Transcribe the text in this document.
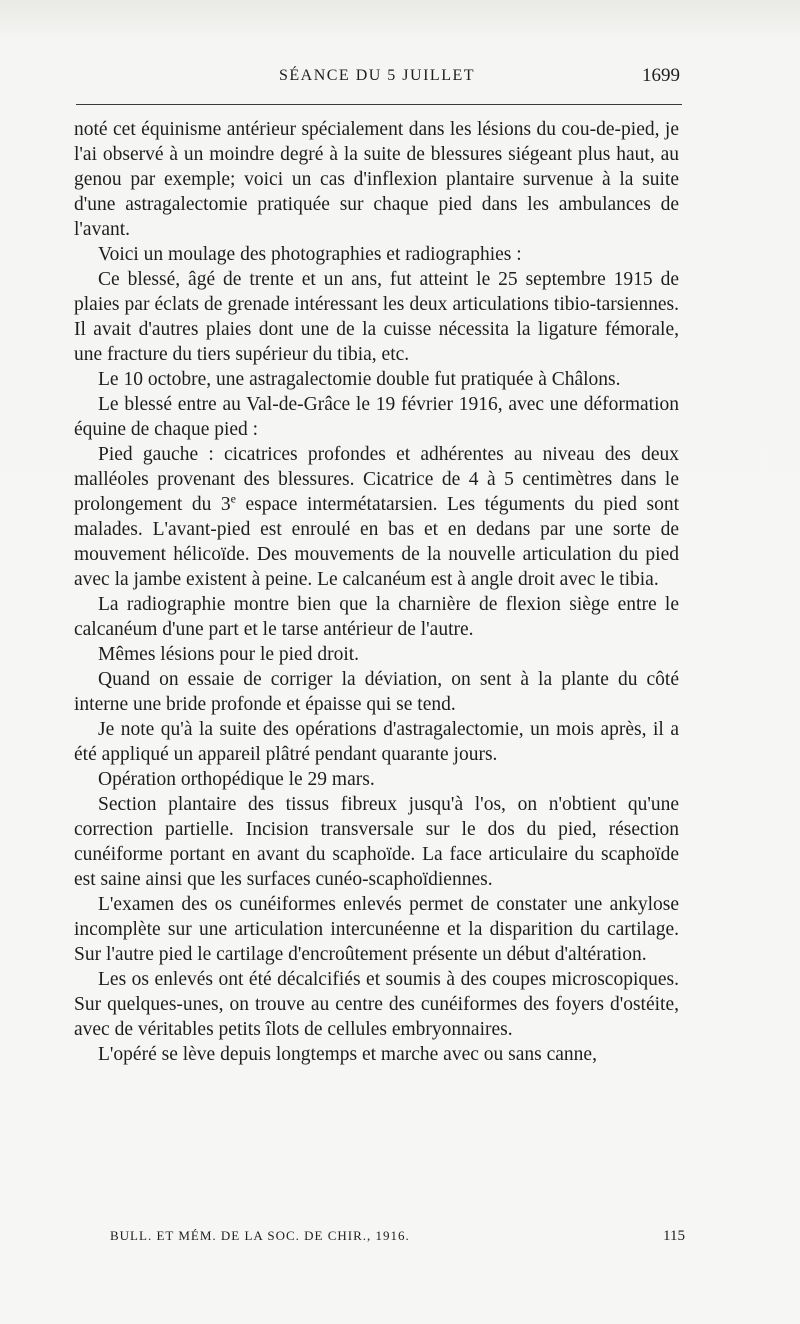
SÉANCE DU 5 JUILLET	1699

noté cet équinisme antérieur spécialement dans les lésions du cou-de-pied, je l'ai observé à un moindre degré à la suite de blessures siégeant plus haut, au genou par exemple; voici un cas d'inflexion plantaire survenue à la suite d'une astragalectomie pratiquée sur chaque pied dans les ambulances de l'avant.

Voici un moulage des photographies et radiographies :

Ce blessé, âgé de trente et un ans, fut atteint le 25 septembre 1915 de plaies par éclats de grenade intéressant les deux articulations tibio-tarsiennes. Il avait d'autres plaies dont une de la cuisse nécessita la ligature fémorale, une fracture du tiers supérieur du tibia, etc.

Le 10 octobre, une astragalectomie double fut pratiquée à Châlons.

Le blessé entre au Val-de-Grâce le 19 février 1916, avec une déformation équine de chaque pied :

Pied gauche : cicatrices profondes et adhérentes au niveau des deux malléoles provenant des blessures. Cicatrice de 4 à 5 centimètres dans le prolongement du 3e espace intermétatarsien. Les téguments du pied sont malades. L'avant-pied est enroulé en bas et en dedans par une sorte de mouvement hélicoïde. Des mouvements de la nouvelle articulation du pied avec la jambe existent à peine. Le calcanéum est à angle droit avec le tibia.

La radiographie montre bien que la charnière de flexion siège entre le calcanéum d'une part et le tarse antérieur de l'autre.

Mêmes lésions pour le pied droit.

Quand on essaie de corriger la déviation, on sent à la plante du côté interne une bride profonde et épaisse qui se tend.

Je note qu'à la suite des opérations d'astragalectomie, un mois après, il a été appliqué un appareil plâtré pendant quarante jours.

Opération orthopédique le 29 mars.

Section plantaire des tissus fibreux jusqu'à l'os, on n'obtient qu'une correction partielle. Incision transversale sur le dos du pied, résection cunéiforme portant en avant du scaphoïde. La face articulaire du scaphoïde est saine ainsi que les surfaces cunéo-scaphoïdiennes.

L'examen des os cunéiformes enlevés permet de constater une ankylose incomplète sur une articulation intercunéenne et la disparition du cartilage. Sur l'autre pied le cartilage d'encroûtement présente un début d'altération.

Les os enlevés ont été décalcifiés et soumis à des coupes microscopiques. Sur quelques-unes, on trouve au centre des cunéiformes des foyers d'ostéite, avec de véritables petits îlots de cellules embryonnaires.

L'opéré se lève depuis longtemps et marche avec ou sans canne,

BULL. ET MÉM. DE LA SOC. DE CHIR., 1916.	115
